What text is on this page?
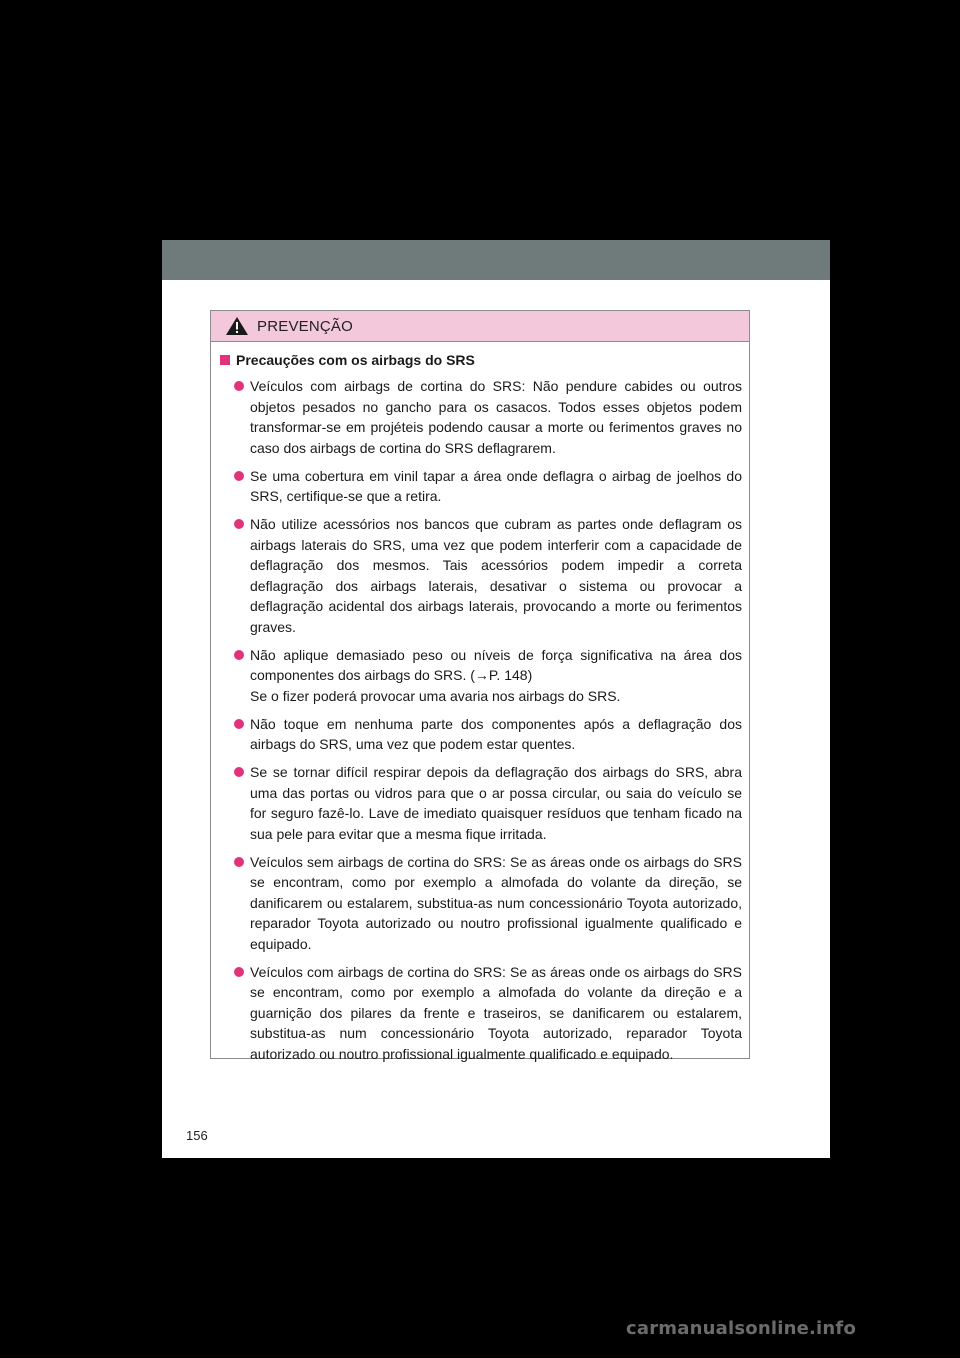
PREVENÇÃO
Precauções com os airbags do SRS

Veículos com airbags de cortina do SRS: Não pendure cabides ou outros objetos pesados no gancho para os casacos. Todos esses objetos podem transformar-se em projéteis podendo causar a morte ou ferimentos graves no caso dos airbags de cortina do SRS deflagrarem.

Se uma cobertura em vinil tapar a área onde deflagra o airbag de joelhos do SRS, certifique-se que a retira.

Não utilize acessórios nos bancos que cubram as partes onde deflagram os airbags laterais do SRS, uma vez que podem interferir com a capacidade de deflagração dos mesmos. Tais acessórios podem impedir a correta deflagração dos airbags laterais, desativar o sistema ou provocar a deflagração acidental dos airbags laterais, provocando a morte ou ferimentos graves.

Não aplique demasiado peso ou níveis de força significativa na área dos componentes dos airbags do SRS. (→P. 148)

Se o fizer poderá provocar uma avaria nos airbags do SRS.

Não toque em nenhuma parte dos componentes após a deflagração dos airbags do SRS, uma vez que podem estar quentes.

Se se tornar difícil respirar depois da deflagração dos airbags do SRS, abra uma das portas ou vidros para que o ar possa circular, ou saia do veículo se for seguro fazê-lo. Lave de imediato quaisquer resíduos que tenham ficado na sua pele para evitar que a mesma fique irritada.

Veículos sem airbags de cortina do SRS: Se as áreas onde os airbags do SRS se encontram, como por exemplo a almofada do volante da direção, se danificarem ou estalarem, substitua-as num concessionário Toyota autorizado, reparador Toyota autorizado ou noutro profissional igualmente qualificado e equipado.

Veículos com airbags de cortina do SRS: Se as áreas onde os airbags do SRS se encontram, como por exemplo a almofada do volante da direção e a guarnição dos pilares da frente e traseiros, se danificarem ou estalarem, substitua-as num concessionário Toyota autorizado, reparador Toyota autorizado ou noutro profissional igualmente qualificado e equipado.

156
carmanualsonline.info
